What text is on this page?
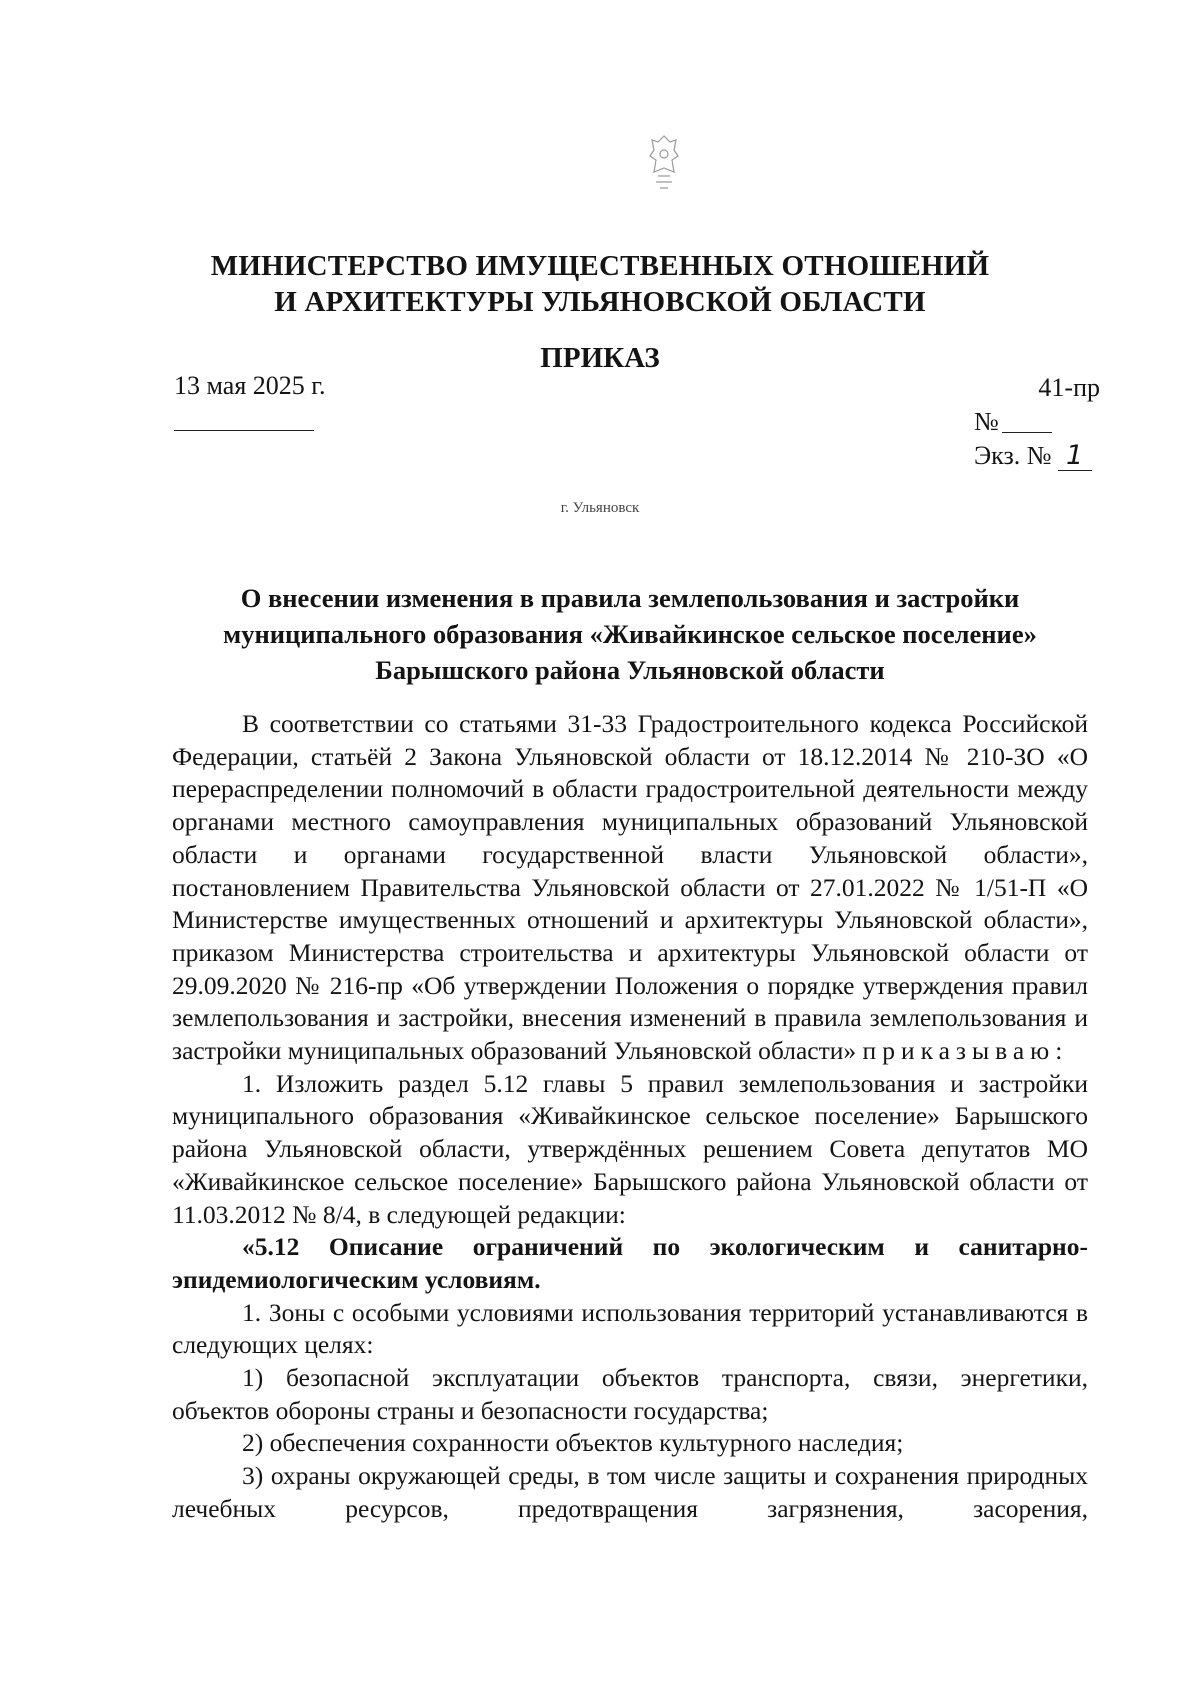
МИНИСТЕРСТВО ИМУЩЕСТВЕННЫХ ОТНОШЕНИЙ
И АРХИТЕКТУРЫ УЛЬЯНОВСКОЙ ОБЛАСТИ
ПРИКАЗ
13 мая 2025 г.	41-пр
№
Экз. № 1
г. Ульяновск
О внесении изменения в правила землепользования и застройки
муниципального образования «Живайкинское сельское поселение»
Барышского района Ульяновской области

В соответствии со статьями 31-33 Градостроительного кодекса Российской Федерации, статьёй 2 Закона Ульяновской области от 18.12.2014 № 210-ЗО «О перераспределении полномочий в области градостроительной деятельности между органами местного самоуправления муниципальных образований Ульяновской области и органами государственной власти Ульяновской области», постановлением Правительства Ульяновской области от 27.01.2022 № 1/51-П «О Министерстве имущественных отношений и архитектуры Ульяновской области», приказом Министерства строительства и архитектуры Ульяновской области от 29.09.2020 № 216-пр «Об утверждении Положения о порядке утверждения правил землепользования и застройки, внесения изменений в правила землепользования и застройки муниципальных образований Ульяновской области» приказываю:

1. Изложить раздел 5.12 главы 5 правил землепользования и застройки муниципального образования «Живайкинское сельское поселение» Барышского района Ульяновской области, утверждённых решением Совета депутатов МО «Живайкинское сельское поселение» Барышского района Ульяновской области от 11.03.2012 № 8/4, в следующей редакции:

«5.12 Описание ограничений по экологическим и санитарно-эпидемиологическим условиям.

1. Зоны с особыми условиями использования территорий устанавливаются в следующих целях:

1) безопасной эксплуатации объектов транспорта, связи, энергетики, объектов обороны страны и безопасности государства;

2) обеспечения сохранности объектов культурного наследия;

3) охраны окружающей среды, в том числе защиты и сохранения природных лечебных ресурсов, предотвращения загрязнения, засорения,
